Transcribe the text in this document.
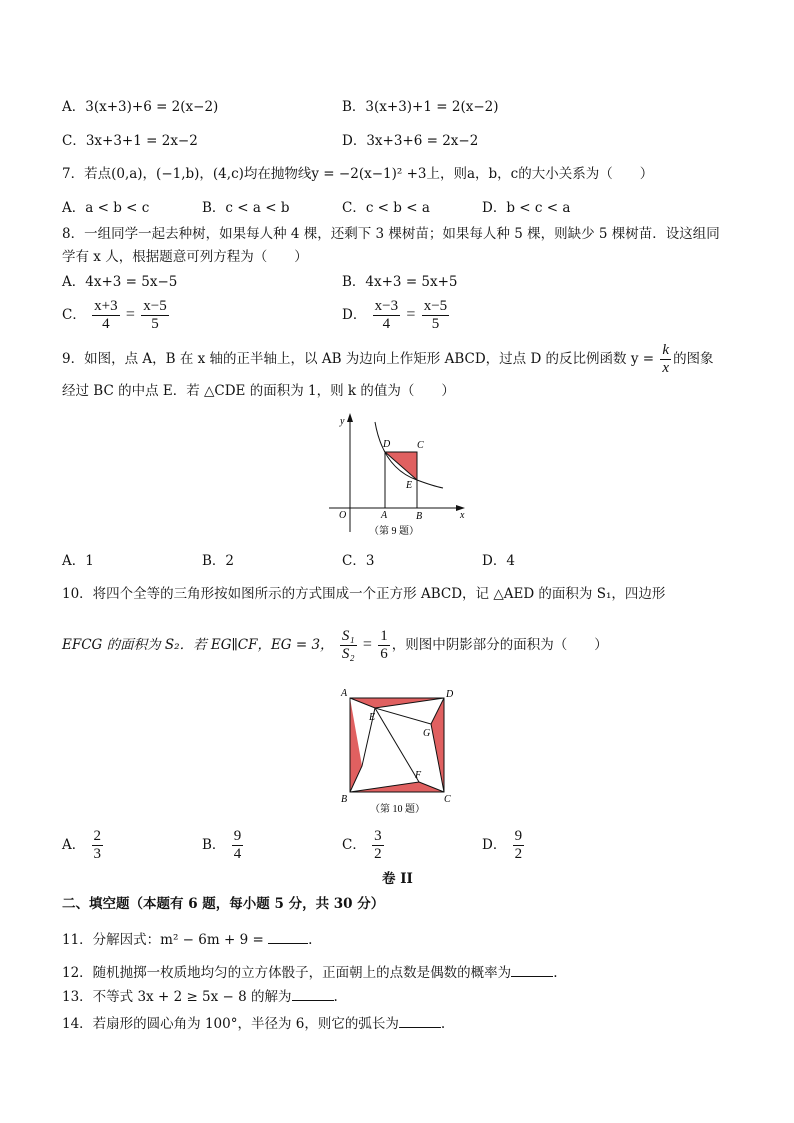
A．3(x+3)+6 = 2(x−2)	B．3(x+3)+1 = 2(x−2)
C．3x+3+1 = 2x−2	D．3x+3+6 = 2x−2
7．若点(0,a)，(−1,b)，(4,c)均在抛物线y = −2(x−1)² +3上，则a，b，c的大小关系为（　　）
A．a < b < c	B．c < a < b	C．c < b < a	D．b < c < a
8．一组同学一起去种树，如果每人种 4 棵，还剩下 3 棵树苗；如果每人种 5 棵，则缺少 5 棵树苗．设这组同
学有 x 人，根据题意可列方程为（　　）
A．4x+3 = 5x−5	B．4x+3 = 5x+5
C． $\frac{x+3}{4} = \frac{x-5}{5}$	D． $\frac{x-3}{4} = \frac{x-5}{5}$
9．如图，点 A，B 在 x 轴的正半轴上，以 AB 为边向上作矩形 ABCD，过点 D 的反比例函数 $y = \frac{k}{x}$ 的图象
经过 BC 的中点 E．若 △CDE 的面积为 1，则 k 的值为（　　）
y
x
O	A	B
C
D
E
（第 9 题）
A．1	B．2	C．3	D．4
10．将四个全等的三角形按如图所示的方式围成一个正方形 ABCD，记 △AED 的面积为 S₁，四边形
EFCG 的面积为 S₂．若 EG∥CF，EG = 3， $\frac{\text{S₁}}{\text{S₂}} = \frac{1}{6}$ ，则图中阴影部分的面积为（　　）
A	D
B	C
E
G
F
（第 10 题）
A． $\frac{2}{3}$	B． $\frac{9}{4}$	C． $\frac{3}{2}$	D． $\frac{9}{2}$
卷 II
二、填空题（本题有 6 题，每小题 5 分，共 30 分）
11．分解因式：m² − 6m + 9 =	.
12．随机抛掷一枚质地均匀的立方体骰子，正面朝上的点数是偶数的概率为	.
13．不等式 3x + 2 ≥ 5x − 8 的解为	.
14．若扇形的圆心角为 100°，半径为 6，则它的弧长为	.
